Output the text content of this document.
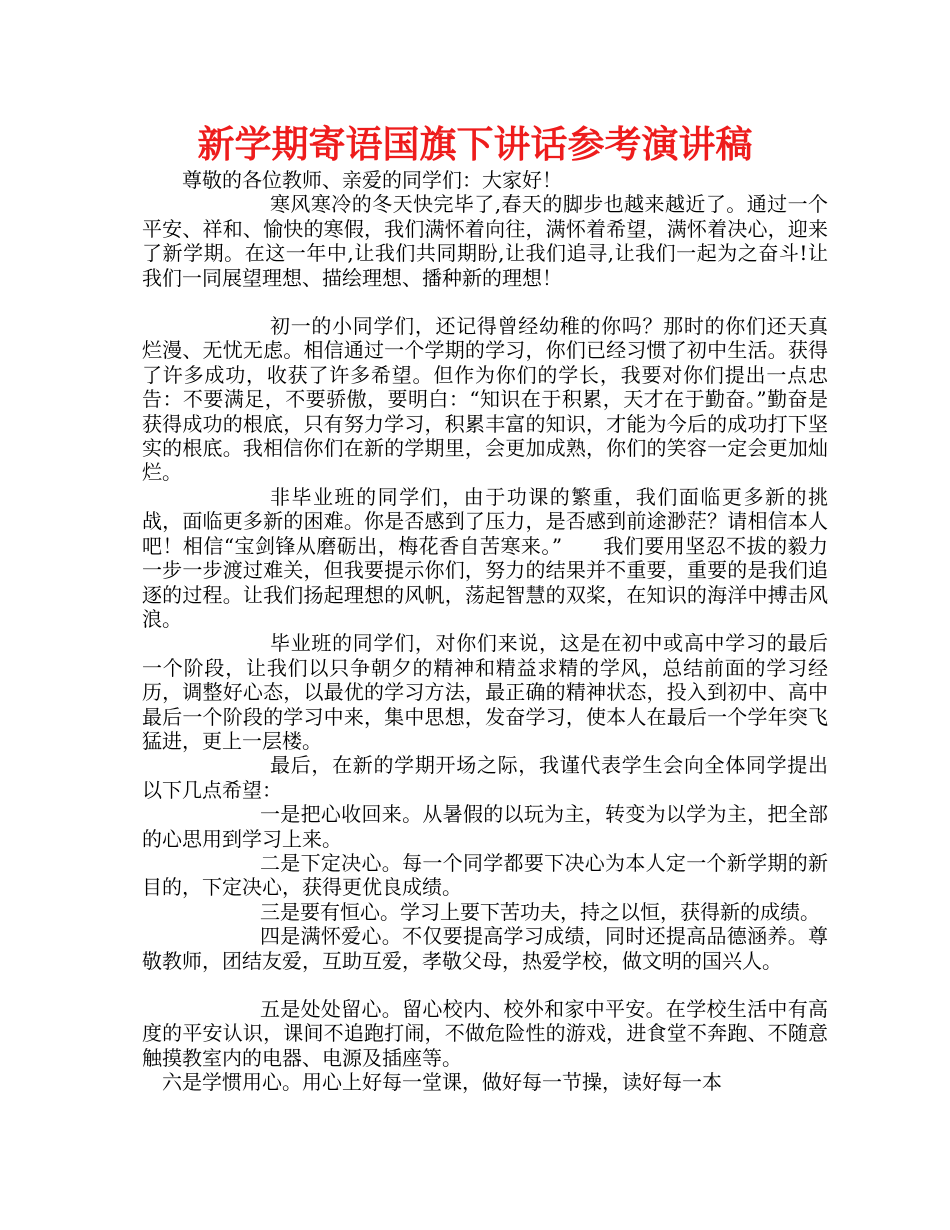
新学期寄语国旗下讲话参考演讲稿

尊敬的各位教师、亲爱的同学们：大家好！

寒风寒冷的冬天快完毕了,春天的脚步也越来越近了。通过一个平安、祥和、愉快的寒假，我们满怀着向往，满怀着希望，满怀着决心，迎来了新学期。在这一年中,让我们共同期盼,让我们追寻,让我们一起为之奋斗!让我们一同展望理想、描绘理想、播种新的理想！

初一的小同学们，还记得曾经幼稚的你吗？那时的你们还天真烂漫、无忧无虑。相信通过一个学期的学习，你们已经习惯了初中生活。获得了许多成功，收获了许多希望。但作为你们的学长，我要对你们提出一点忠告：不要满足，不要骄傲，要明白：“知识在于积累，天才在于勤奋。”勤奋是获得成功的根底，只有努力学习，积累丰富的知识，才能为今后的成功打下坚实的根底。我相信你们在新的学期里，会更加成熟，你们的笑容一定会更加灿烂。

非毕业班的同学们，由于功课的繁重，我们面临更多新的挑战，面临更多新的困难。你是否感到了压力，是否感到前途渺茫？请相信本人吧！相信“宝剑锋从磨砺出，梅花香自苦寒来。”　　我们要用坚忍不拔的毅力一步一步渡过难关，但我要提示你们，努力的结果并不重要，重要的是我们追逐的过程。让我们扬起理想的风帆，荡起智慧的双桨，在知识的海洋中搏击风浪。

毕业班的同学们，对你们来说，这是在初中或高中学习的最后一个阶段，让我们以只争朝夕的精神和精益求精的学风，总结前面的学习经历，调整好心态，以最优的学习方法，最正确的精神状态，投入到初中、高中最后一个阶段的学习中来，集中思想，发奋学习，使本人在最后一个学年突飞猛进，更上一层楼。

最后，在新的学期开场之际，我谨代表学生会向全体同学提出以下几点希望：

一是把心收回来。从暑假的以玩为主，转变为以学为主，把全部的心思用到学习上来。

二是下定决心。每一个同学都要下决心为本人定一个新学期的新目的，下定决心，获得更优良成绩。

三是要有恒心。学习上要下苦功夫，持之以恒，获得新的成绩。

四是满怀爱心。不仅要提高学习成绩，同时还提高品德涵养。尊敬教师，团结友爱，互助互爱，孝敬父母，热爱学校，做文明的国兴人。

五是处处留心。留心校内、校外和家中平安。在学校生活中有高度的平安认识，课间不追跑打闹，不做危险性的游戏，进食堂不奔跑、不随意触摸教室内的电器、电源及插座等。

六是学惯用心。用心上好每一堂课，做好每一节操，读好每一本
